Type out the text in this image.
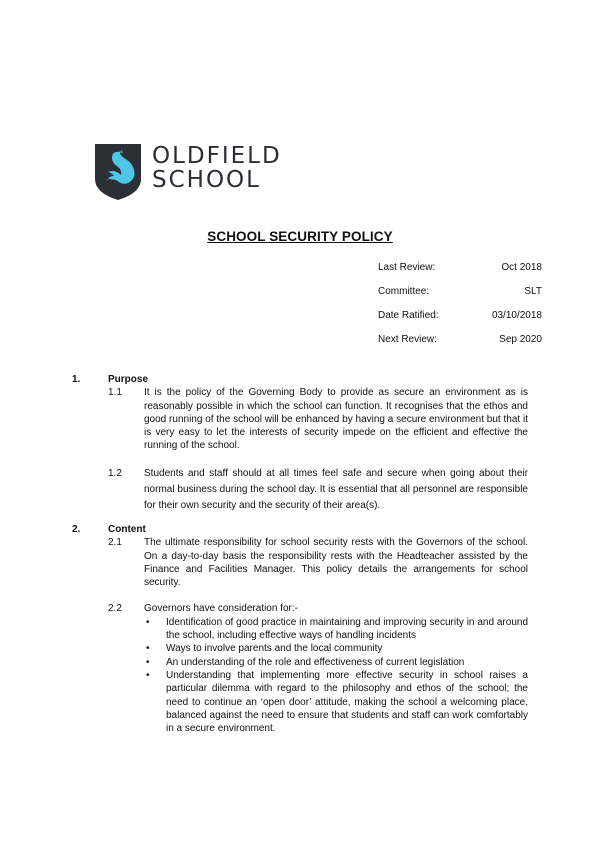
OLDFIELD
SCHOOL
SCHOOL SECURITY POLICY
Last Review:	Oct 2018
Committee:	SLT
Date Ratified:	03/10/2018
Next Review:	Sep 2020
1.	Purpose
1.1	It is the policy of the Governing Body to provide as secure an environment as is reasonably possible in which the school can function. It recognises that the ethos and good running of the school will be enhanced by having a secure environment but that it is very easy to let the interests of security impede on the efficient and effective the running of the school.
1.2	Students and staff should at all times feel safe and secure when going about their normal business during the school day. It is essential that all personnel are responsible for their own security and the security of their area(s).
2.	Content
2.1	The ultimate responsibility for school security rests with the Governors of the school. On a day-to-day basis the responsibility rests with the Headteacher assisted by the Finance and Facilities Manager. This policy details the arrangements for school security.
2.2	Governors have consideration for:-
•	Identification of good practice in maintaining and improving security in and around the school, including effective ways of handling incidents
•	Ways to involve parents and the local community
•	An understanding of the role and effectiveness of current legislation
•	Understanding that implementing more effective security in school raises a particular dilemma with regard to the philosophy and ethos of the school; the need to continue an ‘open door’ attitude, making the school a welcoming place, balanced against the need to ensure that students and staff can work comfortably in a secure environment.
